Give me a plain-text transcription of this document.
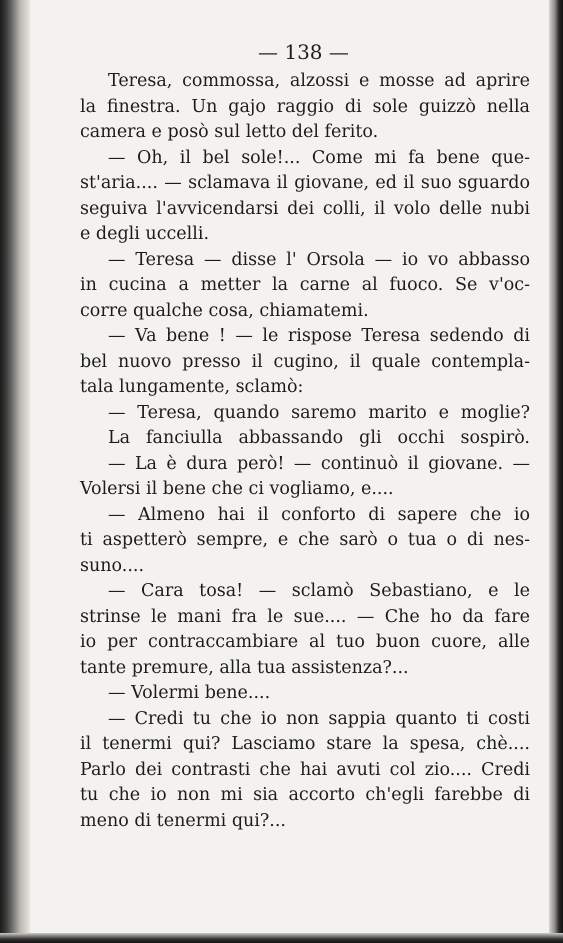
— 138 —
Teresa, commossa, alzossi e mosse ad aprire
la finestra. Un gajo raggio di sole guizzò nella
camera e posò sul letto del ferito.
— Oh, il bel sole!... Come mi fa bene que-
st'aria.... — sclamava il giovane, ed il suo sguardo
seguiva l'avvicendarsi dei colli, il volo delle nubi
e degli uccelli.
— Teresa — disse l' Orsola — io vo abbasso
in cucina a metter la carne al fuoco. Se v'oc-
corre qualche cosa, chiamatemi.
— Va bene ! — le rispose Teresa sedendo di
bel nuovo presso il cugino, il quale contempla-
tala lungamente, sclamò:
— Teresa, quando saremo marito e moglie?
La fanciulla abbassando gli occhi sospirò.
— La è dura però! — continuò il giovane. —
Volersi il bene che ci vogliamo, e....
— Almeno hai il conforto di sapere che io
ti aspetterò sempre, e che sarò o tua o di nes-
suno....
— Cara tosa! — sclamò Sebastiano, e le
strinse le mani fra le sue.... — Che ho da fare
io per contraccambiare al tuo buon cuore, alle
tante premure, alla tua assistenza?...
— Volermi bene....
— Credi tu che io non sappia quanto ti costi
il tenermi qui? Lasciamo stare la spesa, chè....
Parlo dei contrasti che hai avuti col zio.... Credi
tu che io non mi sia accorto ch'egli farebbe di
meno di tenermi qui?...
